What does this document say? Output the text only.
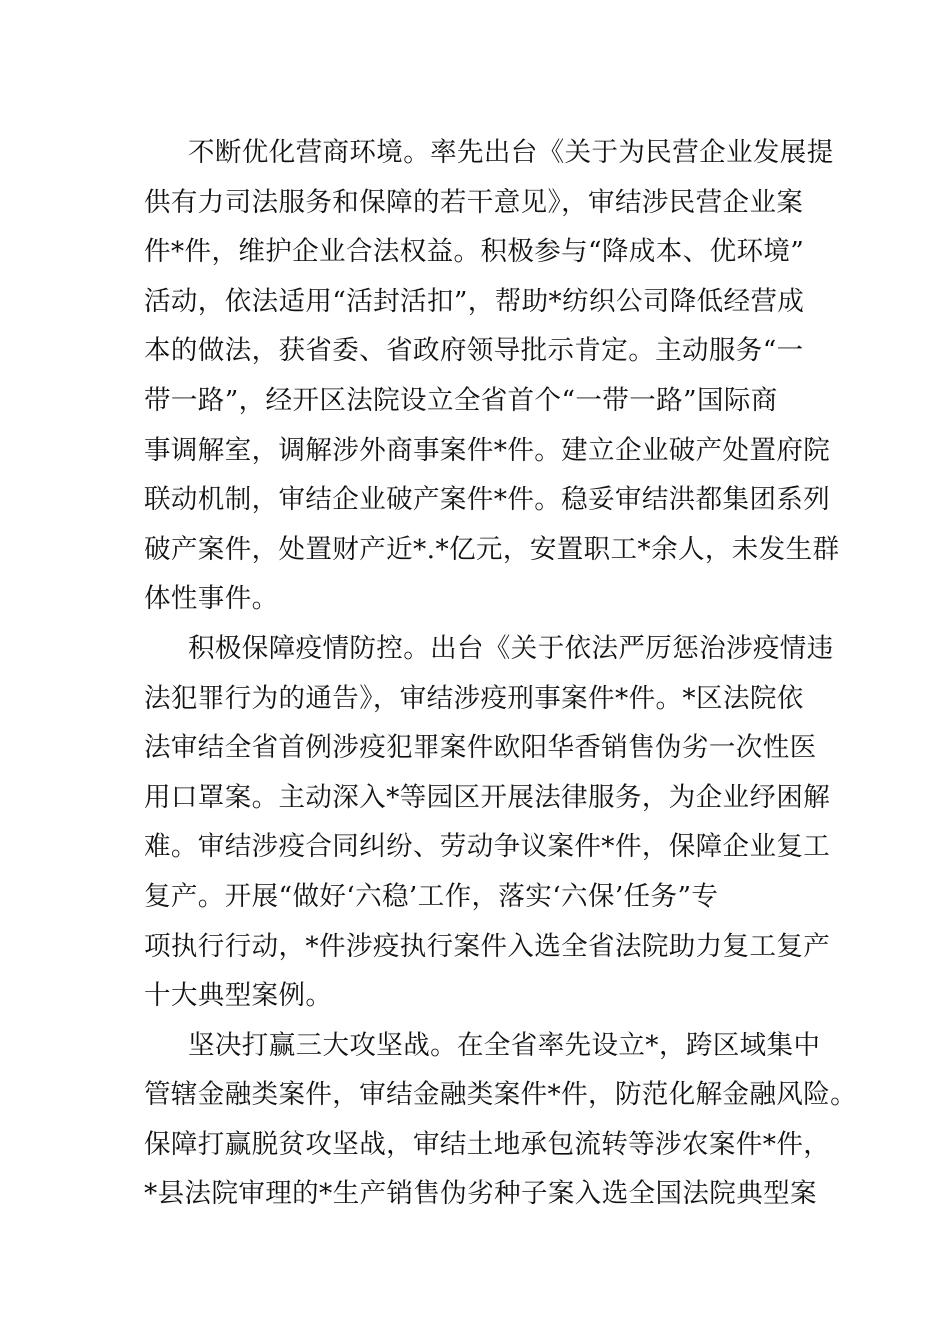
不断优化营商环境。率先出台《关于为民营企业发展提
供有力司法服务和保障的若干意见》，审结涉民营企业案
件*件，维护企业合法权益。积极参与“降成本、优环境”
活动，依法适用“活封活扣”，帮助*纺织公司降低经营成
本的做法，获省委、省政府领导批示肯定。主动服务“一
带一路”，经开区法院设立全省首个“一带一路”国际商
事调解室，调解涉外商事案件*件。建立企业破产处置府院
联动机制，审结企业破产案件*件。稳妥审结洪都集团系列
破产案件，处置财产近*.*亿元，安置职工*余人，未发生群
体性事件。
积极保障疫情防控。出台《关于依法严厉惩治涉疫情违
法犯罪行为的通告》，审结涉疫刑事案件*件。*区法院依
法审结全省首例涉疫犯罪案件欧阳华香销售伪劣一次性医
用口罩案。主动深入*等园区开展法律服务，为企业纾困解
难。审结涉疫合同纠纷、劳动争议案件*件，保障企业复工
复产。开展“做好‘六稳’工作，落实‘六保’任务”专
项执行行动，*件涉疫执行案件入选全省法院助力复工复产
十大典型案例。
坚决打赢三大攻坚战。在全省率先设立*，跨区域集中
管辖金融类案件，审结金融类案件*件，防范化解金融风险。
保障打赢脱贫攻坚战，审结土地承包流转等涉农案件*件，
*县法院审理的*生产销售伪劣种子案入选全国法院典型案
